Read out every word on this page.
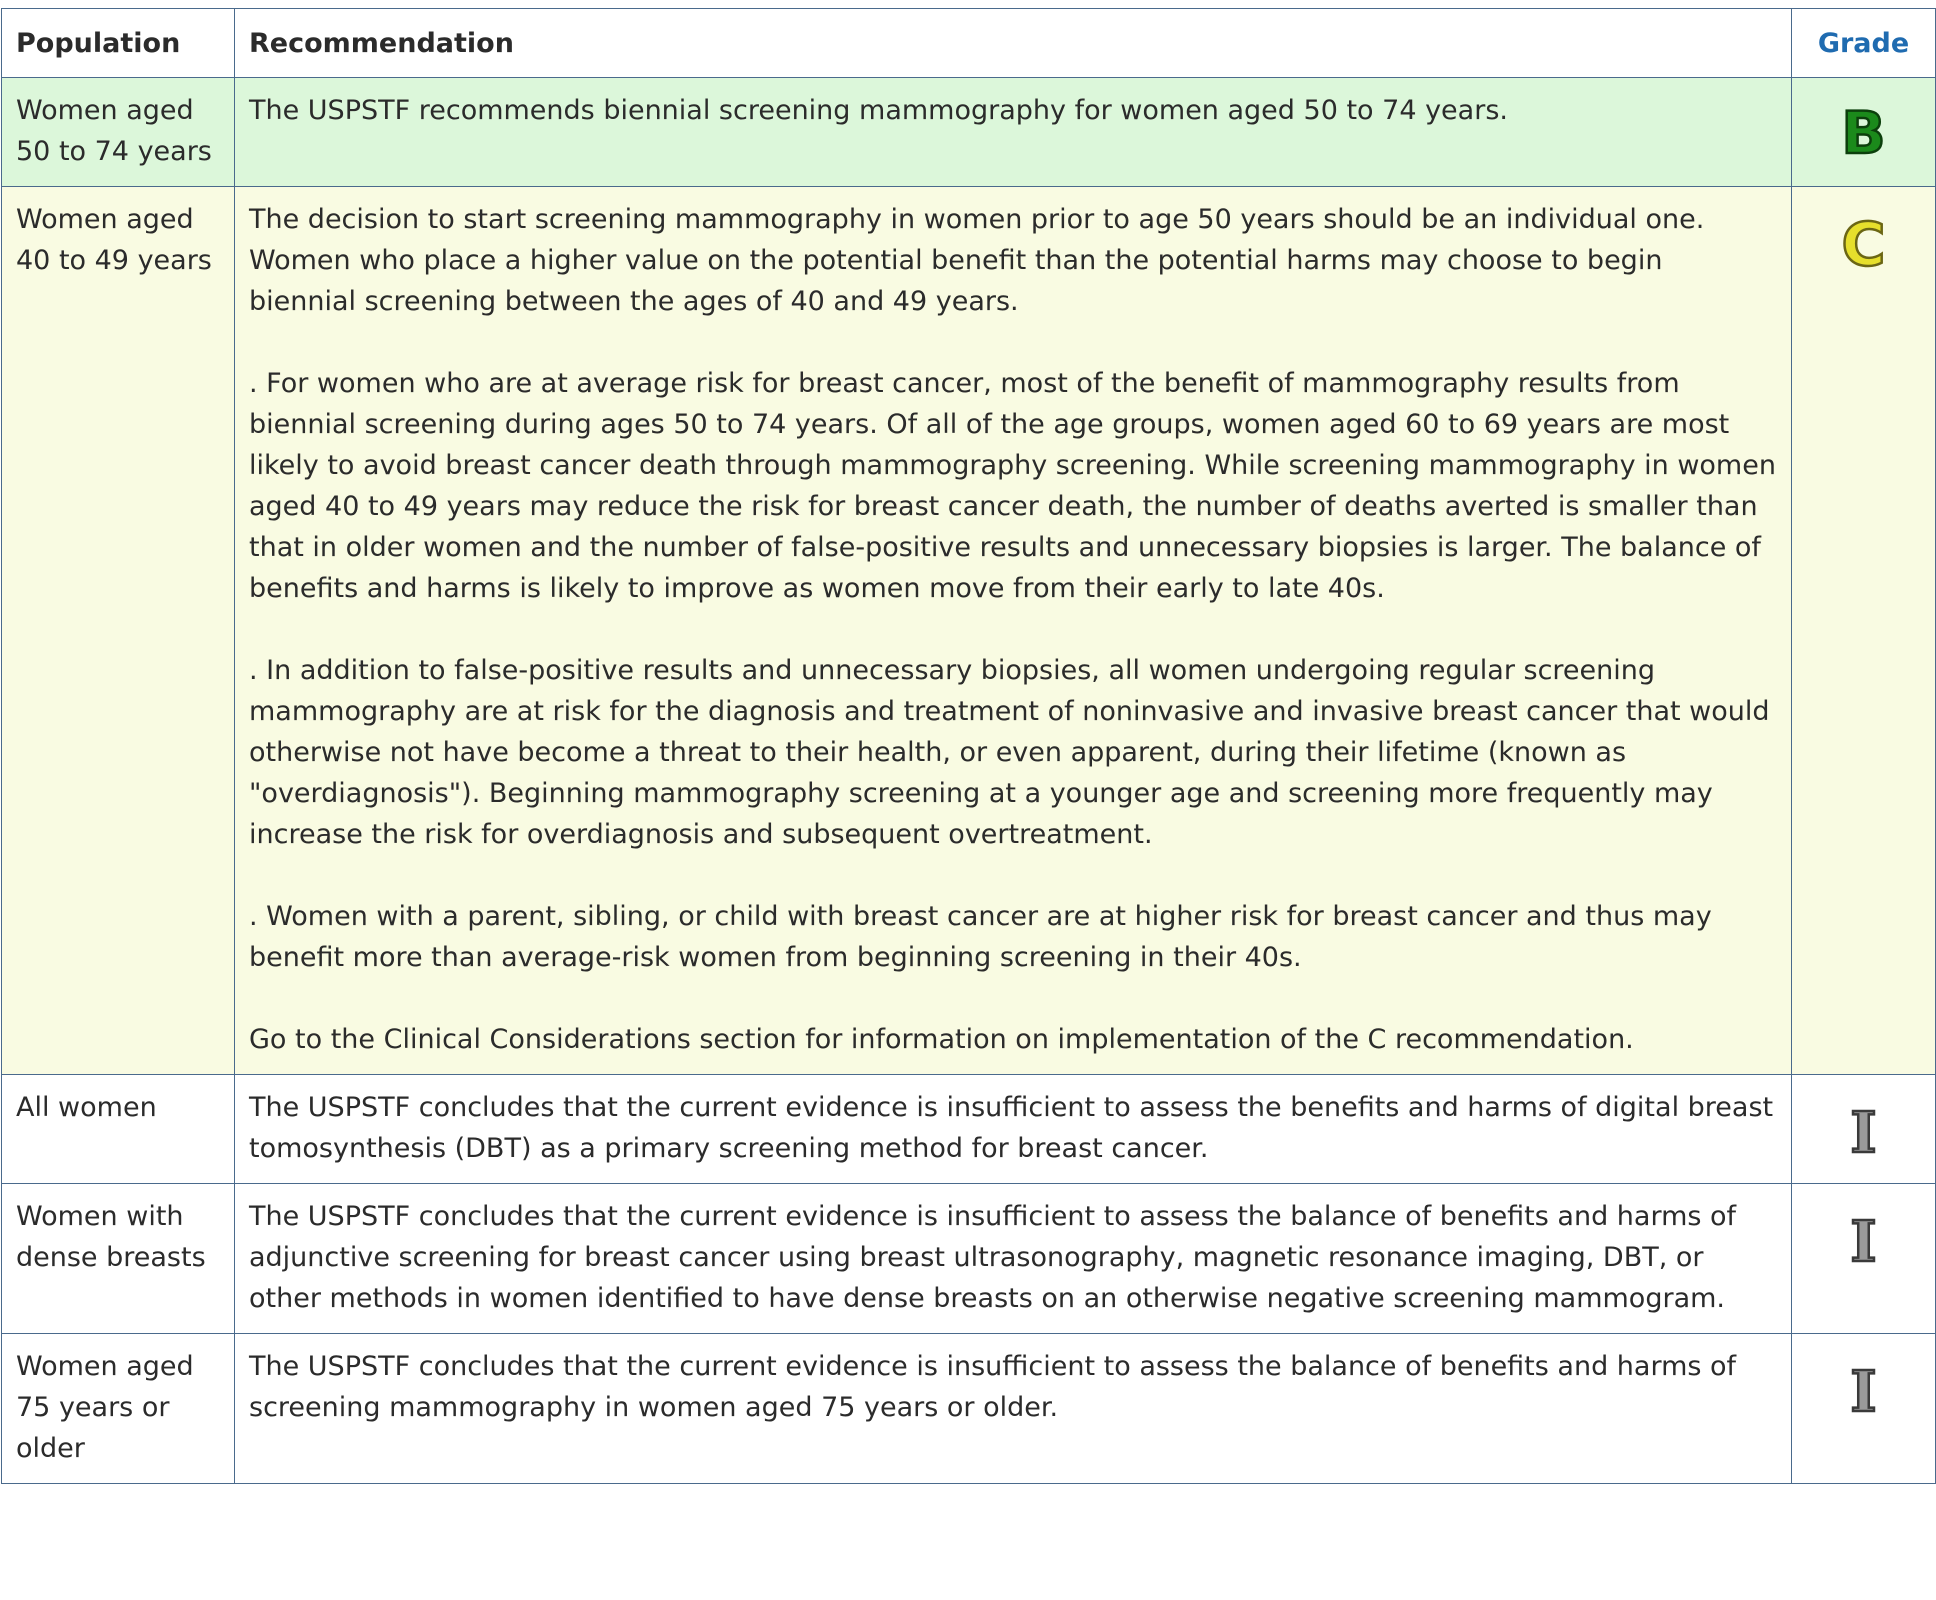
Population	Recommendation	Grade
Women aged 50 to 74 years	The USPSTF recommends biennial screening mammography for women aged 50 to 74 years.	B
Women aged 40 to 49 years	The decision to start screening mammography in women prior to age 50 years should be an individual one. Women who place a higher value on the potential benefit than the potential harms may choose to begin biennial screening between the ages of 40 and 49 years.

. For women who are at average risk for breast cancer, most of the benefit of mammography results from biennial screening during ages 50 to 74 years. Of all of the age groups, women aged 60 to 69 years are most likely to avoid breast cancer death through mammography screening. While screening mammography in women aged 40 to 49 years may reduce the risk for breast cancer death, the number of deaths averted is smaller than that in older women and the number of false-positive results and unnecessary biopsies is larger. The balance of benefits and harms is likely to improve as women move from their early to late 40s.

. In addition to false-positive results and unnecessary biopsies, all women undergoing regular screening mammography are at risk for the diagnosis and treatment of noninvasive and invasive breast cancer that would otherwise not have become a threat to their health, or even apparent, during their lifetime (known as "overdiagnosis"). Beginning mammography screening at a younger age and screening more frequently may increase the risk for overdiagnosis and subsequent overtreatment.

. Women with a parent, sibling, or child with breast cancer are at higher risk for breast cancer and thus may benefit more than average-risk women from beginning screening in their 40s.

Go to the Clinical Considerations section for information on implementation of the C recommendation.	C
All women	The USPSTF concludes that the current evidence is insufficient to assess the benefits and harms of digital breast tomosynthesis (DBT) as a primary screening method for breast cancer.	I
Women with dense breasts	The USPSTF concludes that the current evidence is insufficient to assess the balance of benefits and harms of adjunctive screening for breast cancer using breast ultrasonography, magnetic resonance imaging, DBT, or other methods in women identified to have dense breasts on an otherwise negative screening mammogram.	I
Women aged 75 years or older	The USPSTF concludes that the current evidence is insufficient to assess the balance of benefits and harms of screening mammography in women aged 75 years or older.	I
